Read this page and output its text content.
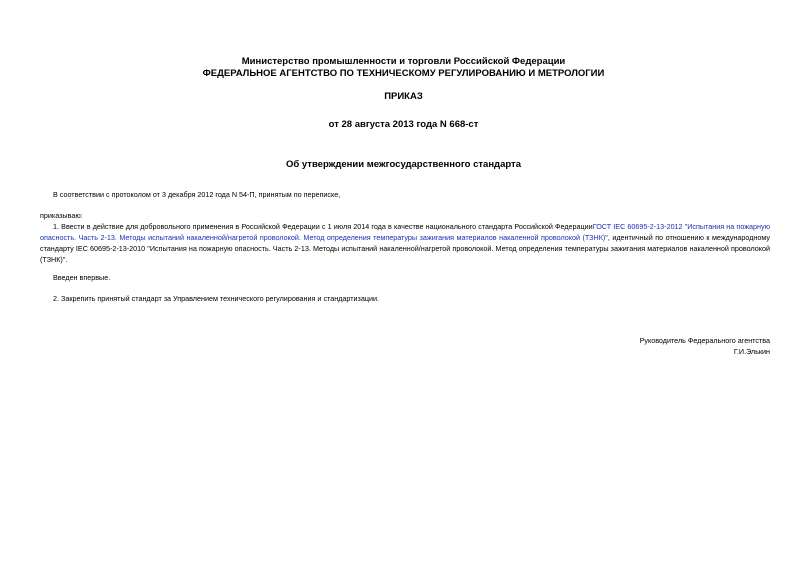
Министерство промышленности и торговли Российской Федерации
ФЕДЕРАЛЬНОЕ АГЕНТСТВО ПО ТЕХНИЧЕСКОМУ РЕГУЛИРОВАНИЮ И МЕТРОЛОГИИ
ПРИКАЗ
от 28 августа 2013 года N 668-ст
Об утверждении межгосударственного стандарта
В соответствии с протоколом от 3 декабря 2012 года N 54-П, принятым по переписке,
приказываю:
1. Ввести в действие для добровольного применения в Российской Федерации с 1 июля 2014 года в качестве национального стандарта Российской ФедерацииГОСТ IEC 60695-2-13-2012 "Испытания на пожарную опасность. Часть 2-13. Методы испытаний накаленной/нагретой проволокой. Метод определения температуры зажигания материалов накаленной проволокой (ТЗНК)", идентичный по отношению к международному стандарту IEC 60695-2-13-2010 "Испытания на пожарную опасность. Часть 2-13. Методы испытаний накаленной/нагретой проволокой. Метод определения температуры зажигания материалов накаленной проволокой (ТЗНК)".
Введен впервые.
2. Закрепить принятый стандарт за Управлением технического регулирования и стандартизации.
Руководитель Федерального агентства
Г.И.Элькин
